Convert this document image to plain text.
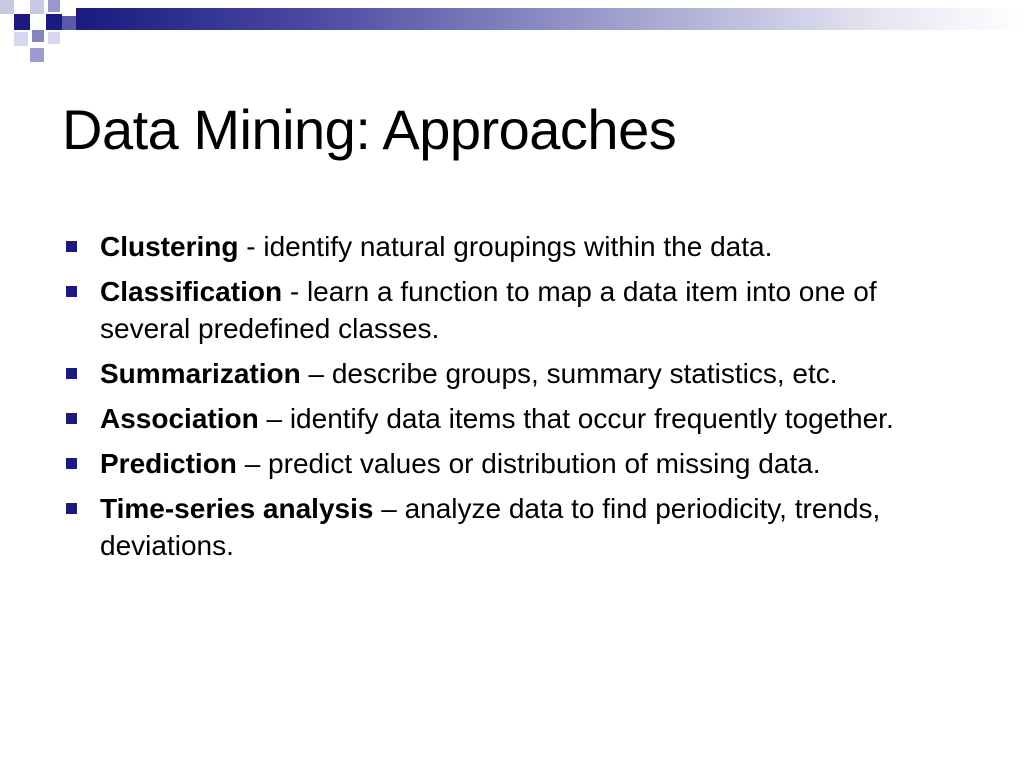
Data Mining: Approaches
Clustering - identify natural groupings within the data.
Classification - learn a function to map a data item into one of several predefined classes.
Summarization – describe groups, summary statistics, etc.
Association – identify data items that occur frequently together.
Prediction – predict values or distribution of missing data.
Time-series analysis – analyze data to find periodicity, trends, deviations.
